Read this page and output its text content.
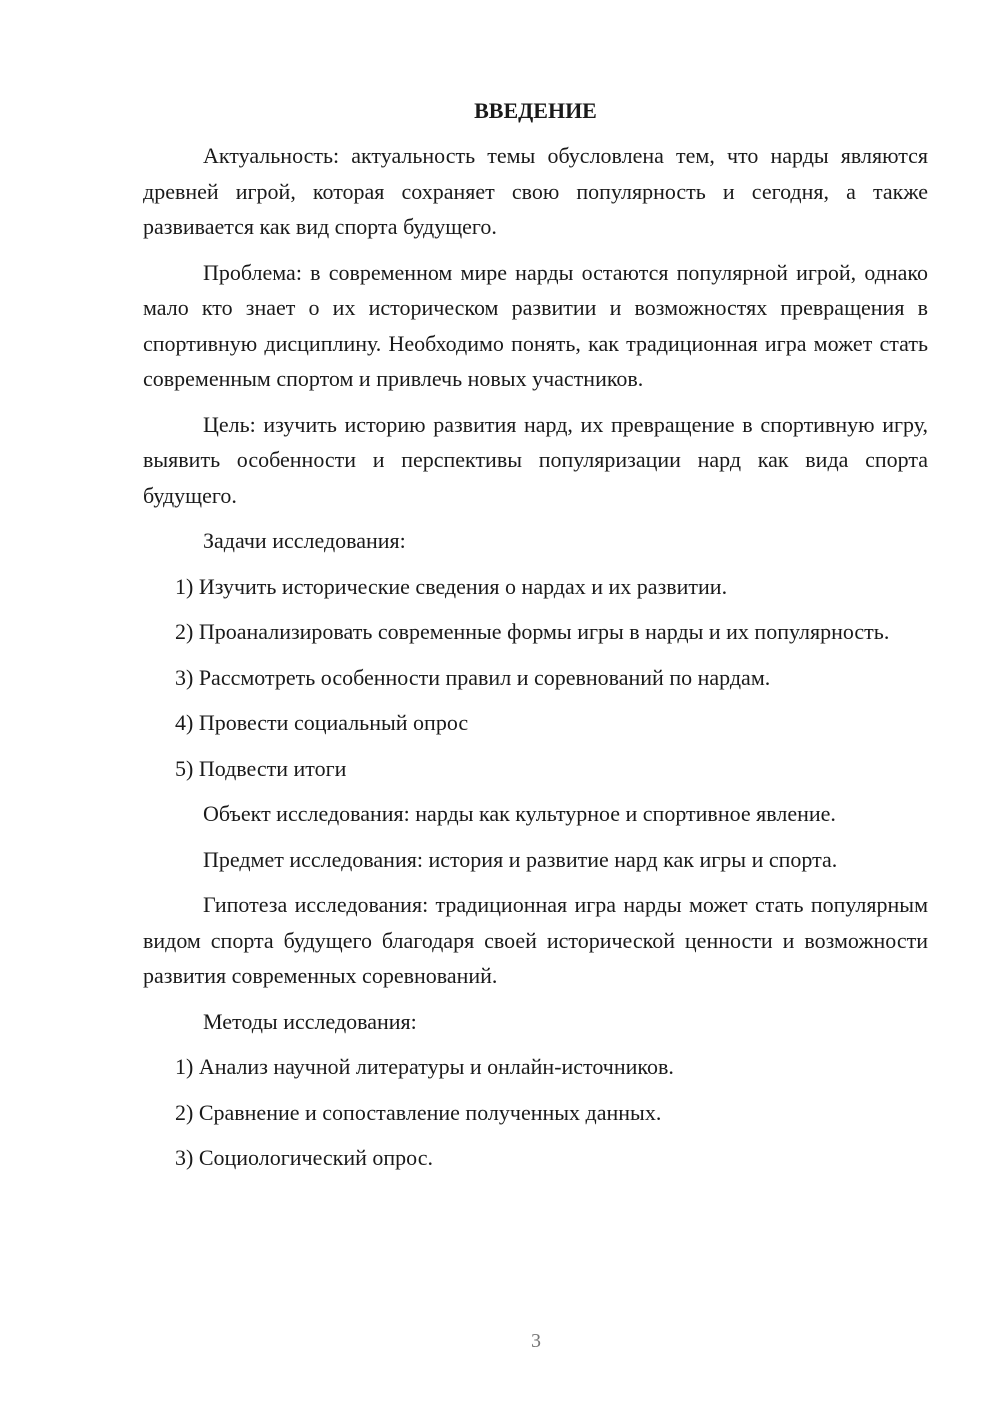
ВВЕДЕНИЕ

Актуальность: актуальность темы обусловлена тем, что нарды являются древней игрой, которая сохраняет свою популярность и сегодня, а также развивается как вид спорта будущего.

Проблема: в современном мире нарды остаются популярной игрой, однако мало кто знает о их историческом развитии и возможностях превращения в спортивную дисциплину. Необходимо понять, как традиционная игра может стать современным спортом и привлечь новых участников.

Цель: изучить историю развития нард, их превращение в спортивную игру, выявить особенности и перспективы популяризации нард как вида спорта будущего.

Задачи исследования:

1) Изучить исторические сведения о нардах и их развитии.

2) Проанализировать современные формы игры в нарды и их популярность.

3) Рассмотреть особенности правил и соревнований по нардам.

4) Провести социальный опрос

5) Подвести итоги

Объект исследования: нарды как культурное и спортивное явление.

Предмет исследования: история и развитие нард как игры и спорта.

Гипотеза исследования: традиционная игра нарды может стать популярным видом спорта будущего благодаря своей исторической ценности и возможности развития современных соревнований.

Методы исследования:

1) Анализ научной литературы и онлайн-источников.

2) Сравнение и сопоставление полученных данных.

3) Социологический опрос.

3
